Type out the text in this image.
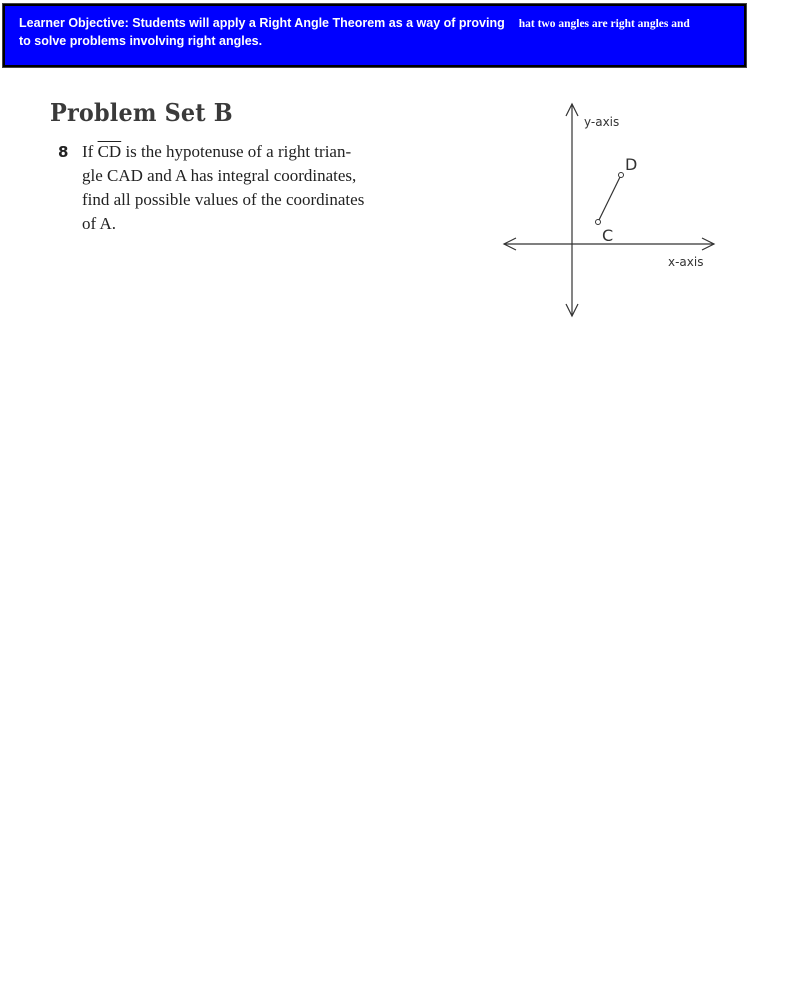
Learner Objective: Students will apply a Right Angle Theorem as a way of proving hat two angles are right angles and
to solve problems involving right angles.
Problem Set B
8 If $\overline{CD}$ is the hypotenuse of a right trian-
gle CAD and A has integral coordinates,
find all possible values of the coordinates
of A.
y-axis
x-axis
C
D
